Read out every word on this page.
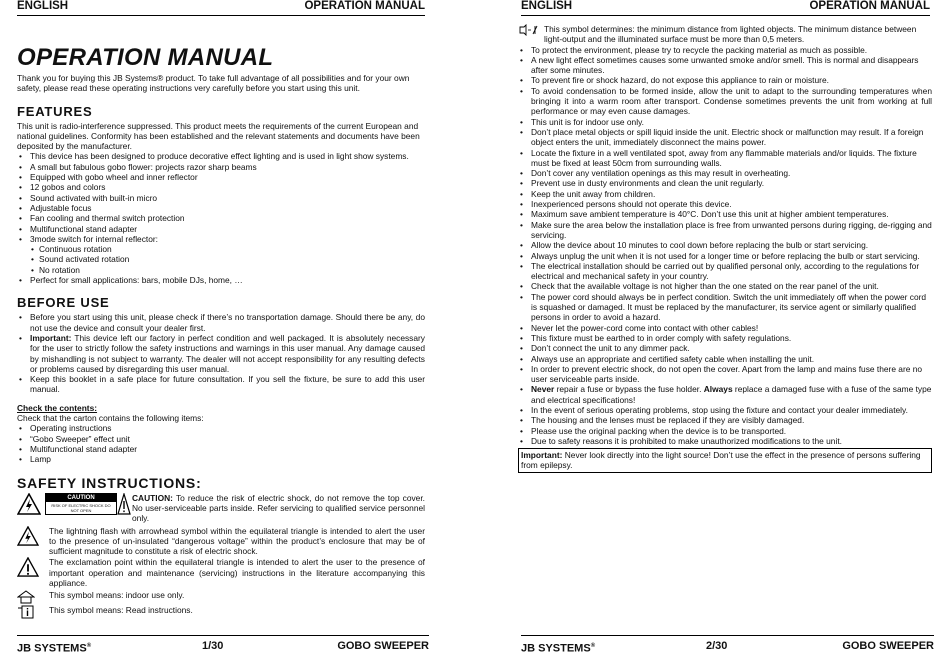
ENGLISH	OPERATION MANUAL
OPERATION MANUAL

Thank you for buying this JB Systems® product. To take full advantage of all possibilities and for your own safety, please read these operating instructions very carefully before you start using this unit.

FEATURES

This unit is radio-interference suppressed. This product meets the requirements of the current European and national guidelines. Conformity has been established and the relevant statements and documents have been deposited by the manufacturer.

• This device has been designed to produce decorative effect lighting and is used in light show systems.
• A small but fabulous gobo flower: projects razor sharp beams
• Equipped with gobo wheel and inner reflector
• 12 gobos and colors
• Sound activated with built-in micro
• Adjustable focus
• Fan cooling and thermal switch protection
• Multifunctional stand adapter
• 3mode switch for internal reflector:
• Continuous rotation
• Sound activated rotation
• No rotation
• Perfect for small applications: bars, mobile DJs, home, …
BEFORE USE
• Before you start using this unit, please check if there’s no transportation damage. Should there be any, do not use the device and consult your dealer first.
• Important: This device left our factory in perfect condition and well packaged. It is absolutely necessary for the user to strictly follow the safety instructions and warnings in this user manual. Any damage caused by mishandling is not subject to warranty. The dealer will not accept responsibility for any resulting defects or problems caused by disregarding this user manual.
• Keep this booklet in a safe place for future consultation. If you sell the fixture, be sure to add this user manual.
Check the contents:

Check that the carton contains the following items:

• Operating instructions
• “Gobo Sweeper” effect unit
• Multifunctional stand adapter
• Lamp
SAFETY INSTRUCTIONS:
CAUTION
RISK OF ELECTRIC SHOCK DO NOT OPEN

CAUTION: To reduce the risk of electric shock, do not remove the top cover. No user-serviceable parts inside. Refer servicing to qualified service personnel only.

The lightning flash with arrowhead symbol within the equilateral triangle is intended to alert the user to the presence of un-insulated “dangerous voltage” within the product’s enclosure that may be of sufficient magnitude to constitute a risk of electric shock.

The exclamation point within the equilateral triangle is intended to alert the user to the presence of important operation and maintenance (servicing) instructions in the literature accompanying this appliance.

This symbol means: indoor use only.

This symbol means: Read instructions.

JB SYSTEMS®	1/30	GOBO SWEEPER
ENGLISH	OPERATION MANUAL

This symbol determines: the minimum distance from lighted objects. The minimum distance between light-output and the illuminated surface must be more than 0,5 meters.

• To protect the environment, please try to recycle the packing material as much as possible.
• A new light effect sometimes causes some unwanted smoke and/or smell. This is normal and disappears after some minutes.
• To prevent fire or shock hazard, do not expose this appliance to rain or moisture.
• To avoid condensation to be formed inside, allow the unit to adapt to the surrounding temperatures when bringing it into a warm room after transport. Condense sometimes prevents the unit from working at full performance or may even cause damages.
• This unit is for indoor use only.
• Don’t place metal objects or spill liquid inside the unit. Electric shock or malfunction may result. If a foreign object enters the unit, immediately disconnect the mains power.
• Locate the fixture in a well ventilated spot, away from any flammable materials and/or liquids. The fixture must be fixed at least 50cm from surrounding walls.
• Don’t cover any ventilation openings as this may result in overheating.
• Prevent use in dusty environments and clean the unit regularly.
• Keep the unit away from children.
• Inexperienced persons should not operate this device.
• Maximum save ambient temperature is 40°C. Don’t use this unit at higher ambient temperatures.
• Make sure the area below the installation place is free from unwanted persons during rigging, de-rigging and servicing.
• Allow the device about 10 minutes to cool down before replacing the bulb or start servicing.
• Always unplug the unit when it is not used for a longer time or before replacing the bulb or start servicing.
• The electrical installation should be carried out by qualified personal only, according to the regulations for electrical and mechanical safety in your country.
• Check that the available voltage is not higher than the one stated on the rear panel of the unit.
• The power cord should always be in perfect condition. Switch the unit immediately off when the power cord is squashed or damaged. It must be replaced by the manufacturer, its service agent or similarly qualified persons in order to avoid a hazard.
• Never let the power-cord come into contact with other cables!
• This fixture must be earthed to in order comply with safety regulations.
• Don’t connect the unit to any dimmer pack.
• Always use an appropriate and certified safety cable when installing the unit.
• In order to prevent electric shock, do not open the cover. Apart from the lamp and mains fuse there are no user serviceable parts inside.
• Never repair a fuse or bypass the fuse holder. Always replace a damaged fuse with a fuse of the same type and electrical specifications!
• In the event of serious operating problems, stop using the fixture and contact your dealer immediately.
• The housing and the lenses must be replaced if they are visibly damaged.
• Please use the original packing when the device is to be transported.
• Due to safety reasons it is prohibited to make unauthorized modifications to the unit.
Important: Never look directly into the light source! Don’t use the effect in the presence of persons suffering from epilepsy.
JB SYSTEMS®	2/30	GOBO SWEEPER
